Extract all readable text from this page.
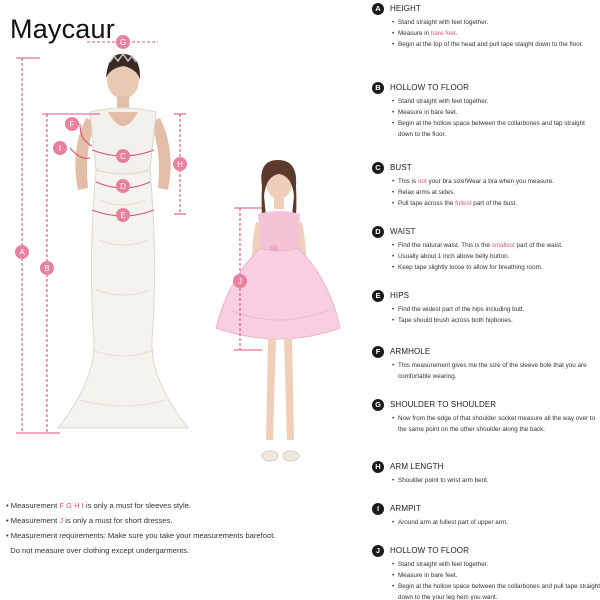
Maycaur G
A
B
F
I
C
D
E
H
J
• Measurement F G H I is only a must for sleeves style.
• Measurement J is only a must for short dresses.
• Measurement requirements: Make sure you take your measurements barefoot.
Do not measure over clothing except undergarments.
A	HEIGHT
• Stand straight with feet together.
• Measure in bare feet.
• Begin at the top of the head and pull tape staight down to the floor.
B	HOLLOW TO FLOOR
• Stand straight with feet together.
• Measure in bare feet.
• Begin at the hollow space between the collarbones and tap straight down to the floor.
C	BUST
• This is not your bra size!Wear a bra when you measure.
• Relax arms at sides.
• Pull tape across the fullest part of the bust.
D	WAIST
• Find the natural waist. This is the smallest part of the waist.
• Usually about 1 inch above belly button.
• Keep tape slightly loose to allow for breathing room.
E	HIPS
• Find the widest part of the hips including butt.
• Tape should brush across both hipbones.
F	ARMHOLE
• This measurement gives me the size of the sleeve bole that you are comfortable wearing.
G	SHOULDER TO SHOULDER
• Now from the edge of that shoulder socket measure all the way over to the same point on the other shoulder along the back.
H	ARM LENGTH
• Shoulder point to wrist arm bent.
I	ARMPIT
• Around arm at fullest part of upper arm.
J	HOLLOW TO FLOOR
• Stand straight with feet together.
• Measure in bare feet.
• Begin at the hollow space between the collarbones and pull tape straight down to the your leg hem you want.
